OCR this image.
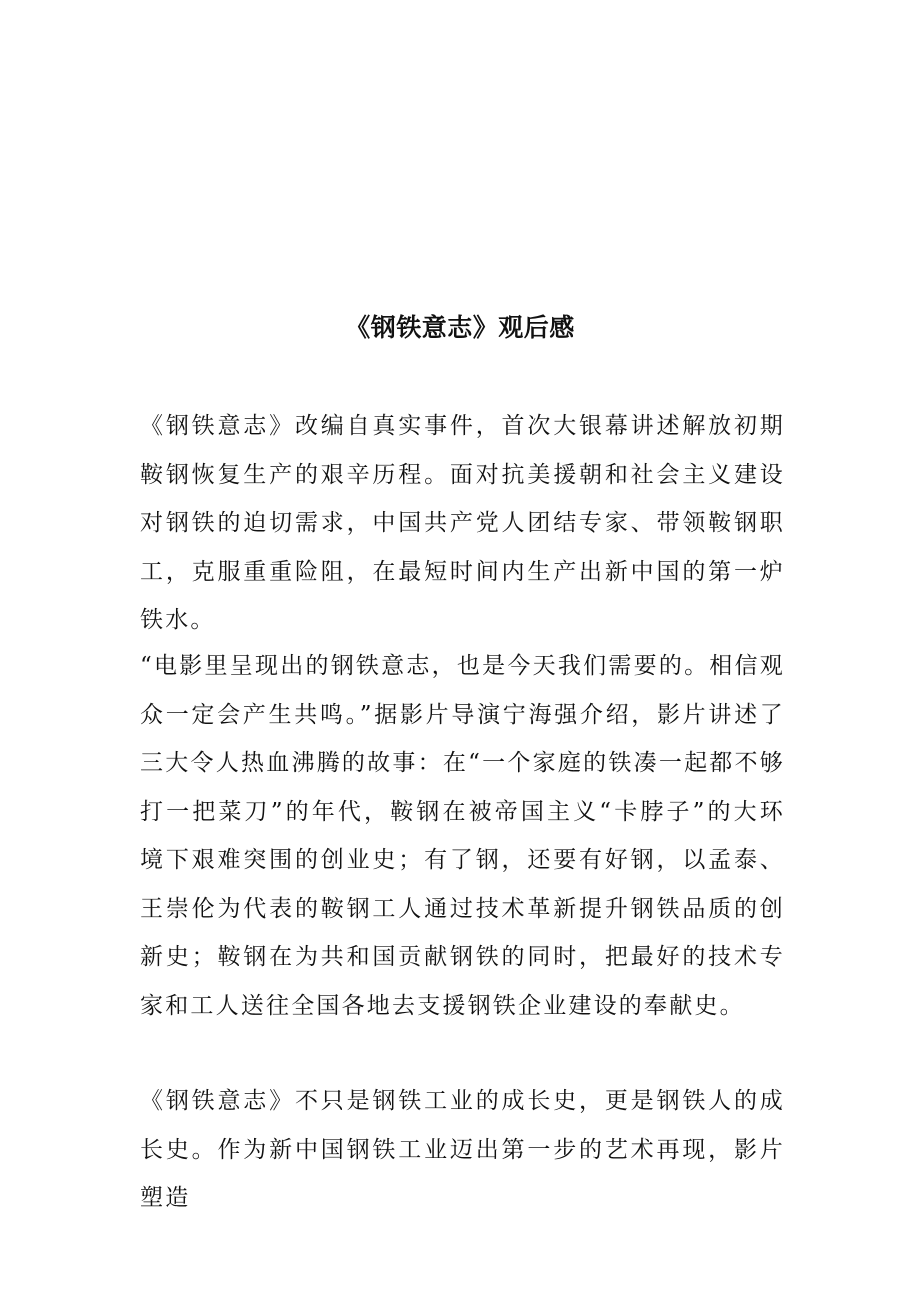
《钢铁意志》观后感

《钢铁意志》改编自真实事件，首次大银幕讲述解放初期鞍钢恢复生产的艰辛历程。面对抗美援朝和社会主义建设对钢铁的迫切需求，中国共产党人团结专家、带领鞍钢职工，克服重重险阻，在最短时间内生产出新中国的第一炉铁水。

“电影里呈现出的钢铁意志，也是今天我们需要的。相信观众一定会产生共鸣。”据影片导演宁海强介绍，影片讲述了三大令人热血沸腾的故事：在“一个家庭的铁凑一起都不够打一把菜刀”的年代，鞍钢在被帝国主义“卡脖子”的大环境下艰难突围的创业史；有了钢，还要有好钢，以孟泰、王崇伦为代表的鞍钢工人通过技术革新提升钢铁品质的创新史；鞍钢在为共和国贡献钢铁的同时，把最好的技术专家和工人送往全国各地去支援钢铁企业建设的奉献史。

《钢铁意志》不只是钢铁工业的成长史，更是钢铁人的成长史。作为新中国钢铁工业迈出第一步的艺术再现，影片塑造
